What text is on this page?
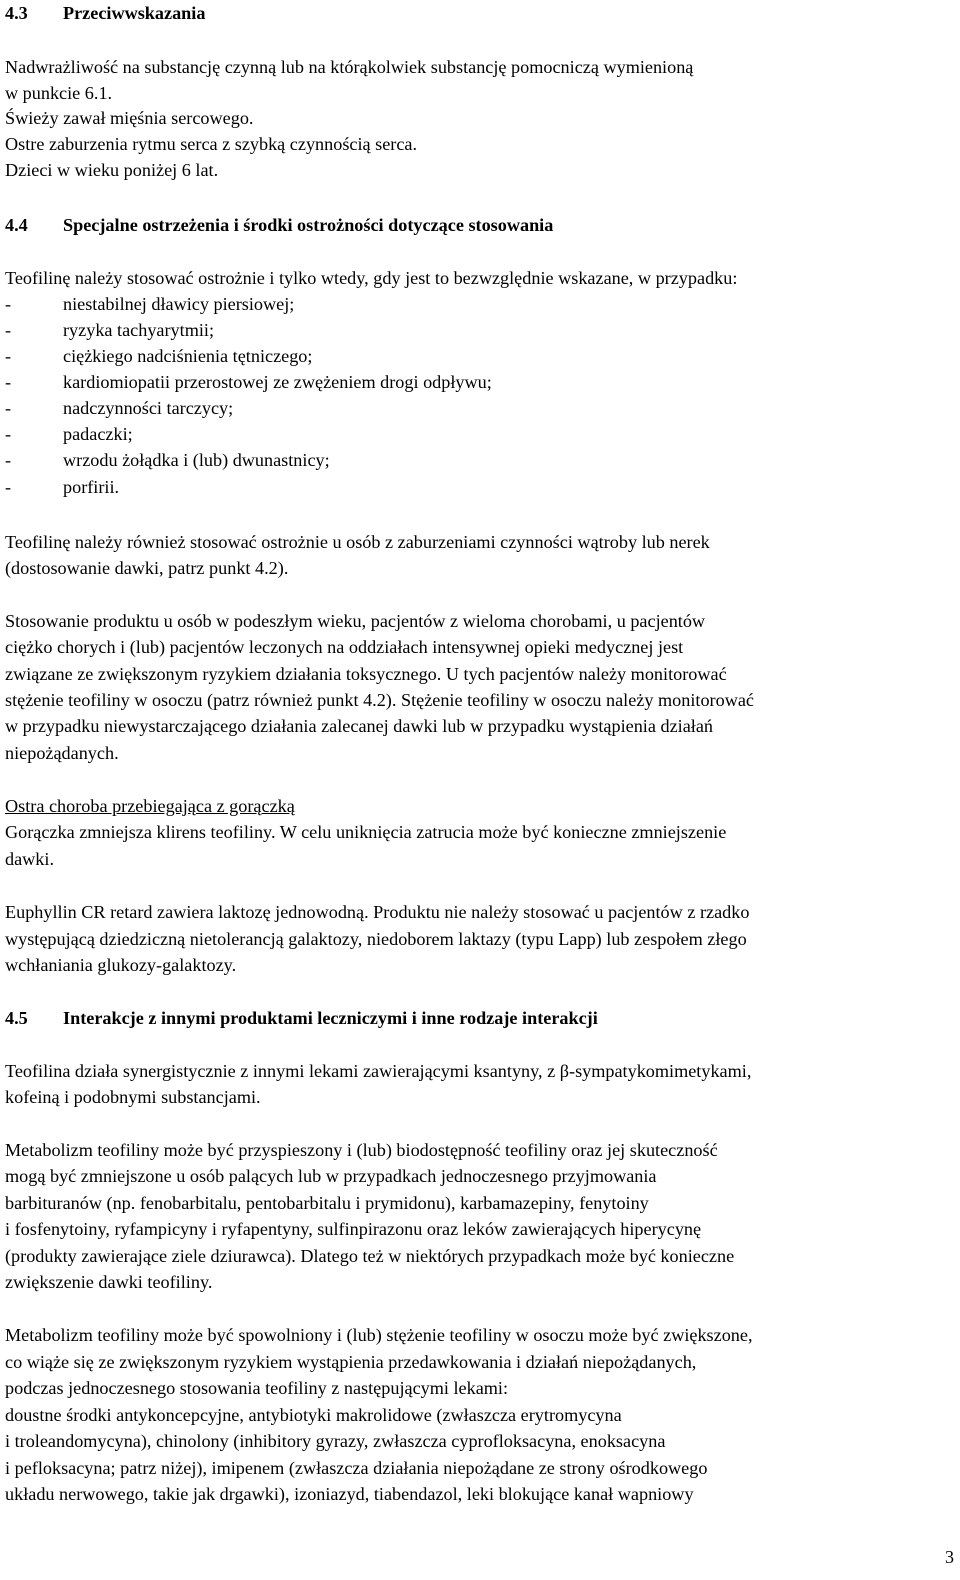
4.3 Przeciwwskazania
Nadwrażliwość na substancję czynną lub na którąkolwiek substancję pomocniczą wymienioną
w punkcie 6.1.
Świeży zawał mięśnia sercowego.
Ostre zaburzenia rytmu serca z szybką czynnością serca.
Dzieci w wieku poniżej 6 lat.
4.4 Specjalne ostrzeżenia i środki ostrożności dotyczące stosowania
Teofilinę należy stosować ostrożnie i tylko wtedy, gdy jest to bezwzględnie wskazane, w przypadku:
-	niestabilnej dławicy piersiowej;
-	ryzyka tachyarytmii;
-	ciężkiego nadciśnienia tętniczego;
-	kardiomiopatii przerostowej ze zwężeniem drogi odpływu;
-	nadczynności tarczycy;
-	padaczki;
-	wrzodu żołądka i (lub) dwunastnicy;
-	porfirii.
Teofilinę należy również stosować ostrożnie u osób z zaburzeniami czynności wątroby lub nerek
(dostosowanie dawki, patrz punkt 4.2).
Stosowanie produktu u osób w podeszłym wieku, pacjentów z wieloma chorobami, u pacjentów
ciężko chorych i (lub) pacjentów leczonych na oddziałach intensywnej opieki medycznej jest
związane ze zwiększonym ryzykiem działania toksycznego. U tych pacjentów należy monitorować
stężenie teofiliny w osoczu (patrz również punkt 4.2). Stężenie teofiliny w osoczu należy monitorować
w przypadku niewystarczającego działania zalecanej dawki lub w przypadku wystąpienia działań
niepożądanych.
Ostra choroba przebiegająca z gorączką
Gorączka zmniejsza klirens teofiliny. W celu uniknięcia zatrucia może być konieczne zmniejszenie
dawki.
Euphyllin CR retard zawiera laktozę jednowodną. Produktu nie należy stosować u pacjentów z rzadko
występującą dziedziczną nietolerancją galaktozy, niedoborem laktazy (typu Lapp) lub zespołem złego
wchłaniania glukozy-galaktozy.
4.5 Interakcje z innymi produktami leczniczymi i inne rodzaje interakcji
Teofilina działa synergistycznie z innymi lekami zawierającymi ksantyny, z β-sympatykomimetykami,
kofeiną i podobnymi substancjami.
Metabolizm teofiliny może być przyspieszony i (lub) biodostępność teofiliny oraz jej skuteczność
mogą być zmniejszone u osób palących lub w przypadkach jednoczesnego przyjmowania
barbituranów (np. fenobarbitalu, pentobarbitalu i prymidonu), karbamazepiny, fenytoiny
i fosfenytoiny, ryfampicyny i ryfapentyny, sulfinpirazonu oraz leków zawierających hiperycynę
(produkty zawierające ziele dziurawca). Dlatego też w niektórych przypadkach może być konieczne
zwiększenie dawki teofiliny.
Metabolizm teofiliny może być spowolniony i (lub) stężenie teofiliny w osoczu może być zwiększone,
co wiąże się ze zwiększonym ryzykiem wystąpienia przedawkowania i działań niepożądanych,
podczas jednoczesnego stosowania teofiliny z następującymi lekami:
doustne środki antykoncepcyjne, antybiotyki makrolidowe (zwłaszcza erytromycyna
i troleandomycyna), chinolony (inhibitory gyrazy, zwłaszcza cyprofloksacyna, enoksacyna
i pefloksacyna; patrz niżej), imipenem (zwłaszcza działania niepożądane ze strony ośrodkowego
układu nerwowego, takie jak drgawki), izoniazyd, tiabendazol, leki blokujące kanał wapniowy
3
